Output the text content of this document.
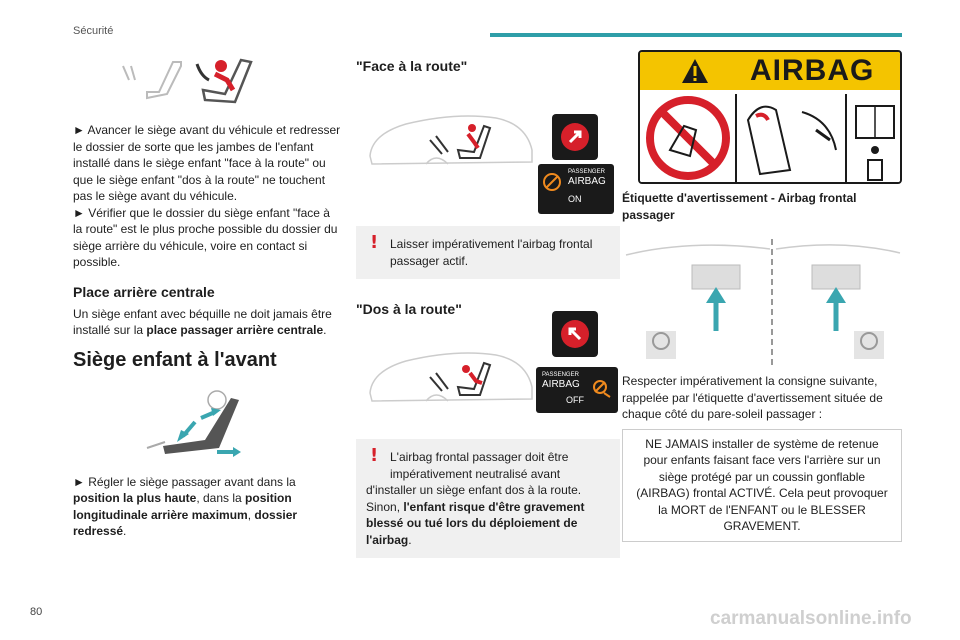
Sécurité

► Avancer le siège avant du véhicule et redresser le dossier de sorte que les jambes de l'enfant installé dans le siège enfant "face à la route" ou que le siège enfant "dos à la route" ne touchent pas le siège avant du véhicule.

► Vérifier que le dossier du siège enfant "face à la route" est le plus proche possible du dossier du siège arrière du véhicule, voire en contact si possible.

Place arrière centrale

Un siège enfant avec béquille ne doit jamais être installé sur la place passager arrière centrale.

Siège enfant à l'avant

► Régler le siège passager avant dans la position la plus haute, dans la position longitudinale arrière maximum, dossier redressé.

"Face à la route"
PASSENGER
AIRBAG
ON
! Laisser impérativement l'airbag frontal passager actif.
"Dos à la route"
PASSENGER
AIRBAG
OFF
! L'airbag frontal passager doit être impérativement neutralisé avant
d'installer un siège enfant dos à la route. Sinon, l'enfant risque d'être gravement blessé ou tué lors du déploiement de l'airbag.
AIRBAG
Étiquette d'avertissement - Airbag frontal passager

Respecter impérativement la consigne suivante, rappelée par l'étiquette d'avertissement située de chaque côté du pare-soleil passager :

NE JAMAIS installer de système de retenue pour enfants faisant face vers l'arrière sur un siège protégé par un coussin gonflable (AIRBAG) frontal ACTIVÉ. Cela peut provoquer la MORT de l'ENFANT ou le BLESSER GRAVEMENT.
80	carmanualsonline.info
